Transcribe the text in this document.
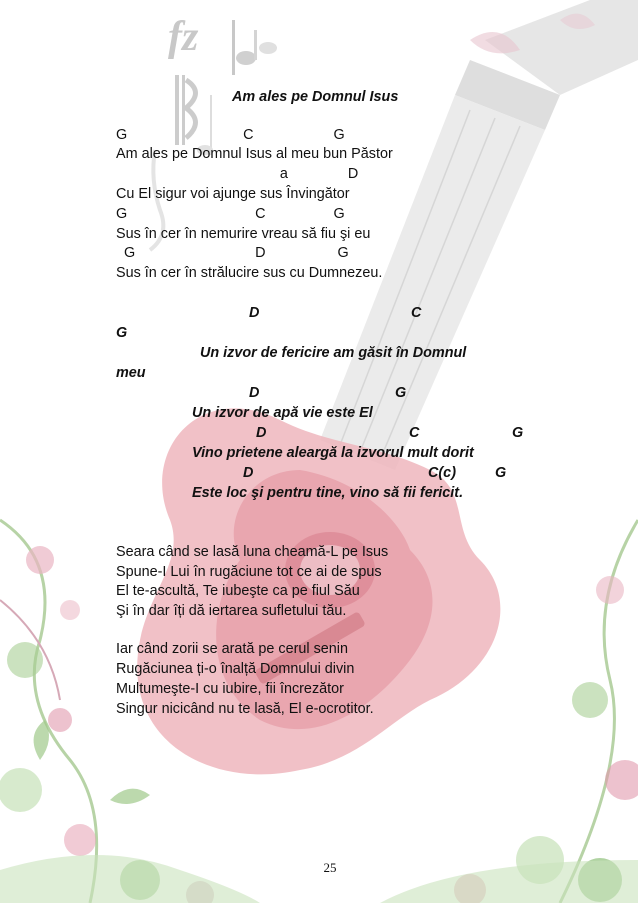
fz
Am ales pe Domnul Isus
G                             C                    G
Am ales pe Domnul Isus al meu bun Păstor
a               D
Cu El sigur voi ajunge sus Învingător
G                                C                 G
Sus în cer în nemurire vreau să fiu şi eu
G                              D                  G
Sus în cer în strălucire sus cu Dumnezeu.
D	C
G
Un izvor de fericire am găsit în Domnul
meu
D	G
Un izvor de apă vie este El
D	C	G
Vino prietene aleargă la izvorul mult dorit
D	C(c)	G
Este loc şi pentru tine, vino să fii fericit.
Seara când se lasă luna cheamă-L pe Isus
Spune-I Lui în rugăciune tot ce ai de spus
El te-ascultă, Te iubeşte ca pe fiul Său
Şi în dar îți dă iertarea sufletului tău.
Iar când zorii se arată pe cerul senin
Rugăciunea ți-o înalță Domnului divin
Multumeşte-I cu iubire, fii încrezător
Singur nicicând nu te lasă, El e-ocrotitor.
25
